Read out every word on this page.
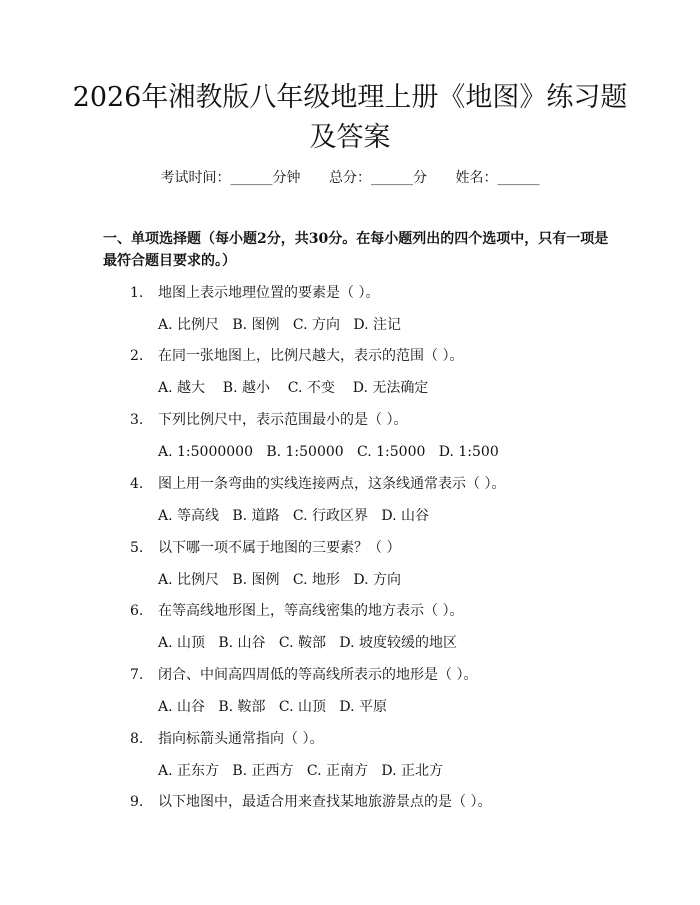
2026年湘教版八年级地理上册《地图》练习题及答案
考试时间：______分钟 总分：______分 姓名：______
一、单项选择题（每小题2分，共30分。在每小题列出的四个选项中，只有一项是最符合题目要求的。）
1.	地图上表示地理位置的要素是（ ）。
A. 比例尺   B. 图例   C. 方向   D. 注记
2.	在同一张地图上，比例尺越大，表示的范围（ ）。
A. 越大    B. 越小    C. 不变    D. 无法确定
3.	下列比例尺中，表示范围最小的是（ ）。
A. 1:5000000   B. 1:50000   C. 1:5000   D. 1:500
4.	图上用一条弯曲的实线连接两点，这条线通常表示（ ）。
A. 等高线   B. 道路   C. 行政区界   D. 山谷
5.	以下哪一项不属于地图的三要素？（ ）
A. 比例尺   B. 图例   C. 地形   D. 方向
6.	在等高线地形图上，等高线密集的地方表示（ ）。
A. 山顶   B. 山谷   C. 鞍部   D. 坡度较缓的地区
7.	闭合、中间高四周低的等高线所表示的地形是（ ）。
A. 山谷   B. 鞍部   C. 山顶   D. 平原
8.	指向标箭头通常指向（ ）。
A. 正东方   B. 正西方   C. 正南方   D. 正北方
9.	以下地图中，最适合用来查找某地旅游景点的是（ ）。
